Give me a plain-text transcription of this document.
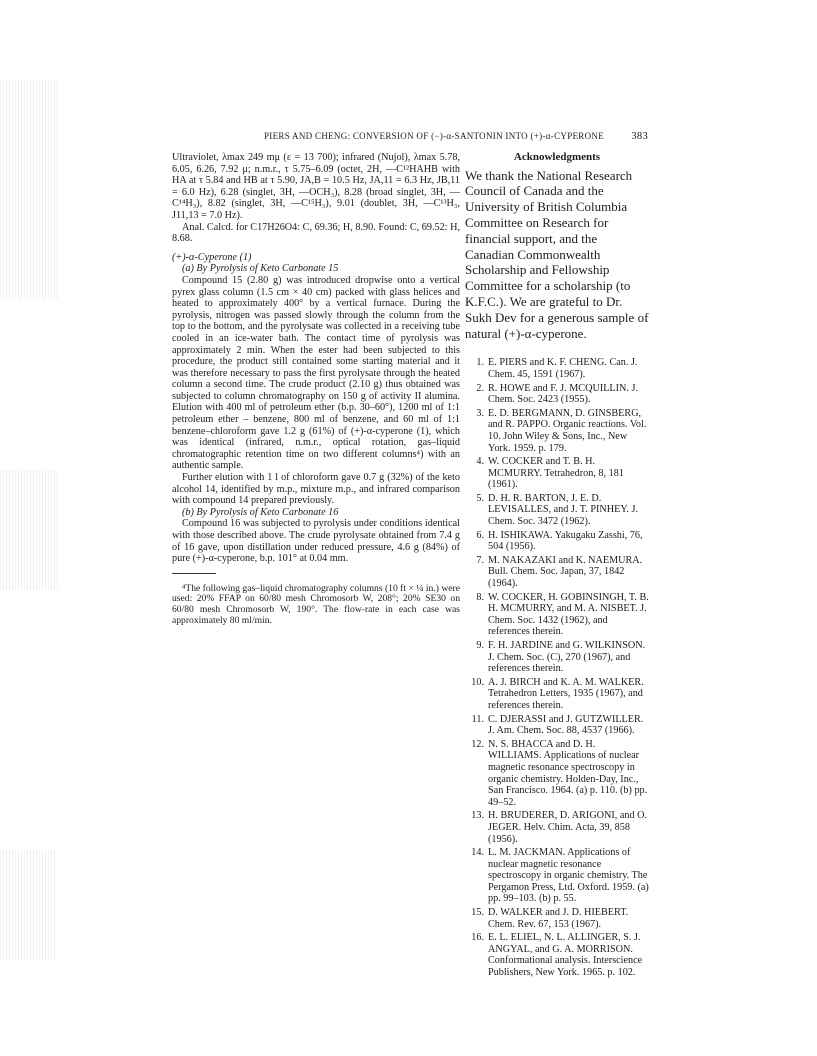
PIERS AND CHENG: CONVERSION OF (−)-α-SANTONIN INTO (+)-α-CYPERONE	383

Ultraviolet, λmax 249 mμ (ε = 13 700); infrared (Nujol), λmax 5.78, 6.05, 6.26, 7.92 μ; n.m.r., τ 5.75–6.09 (octet, 2H, —C¹²HAHB with HA at τ 5.84 and HB at τ 5.90, JA,B = 10.5 Hz, JA,11 = 6.3 Hz, JB,11 = 6.0 Hz), 6.28 (singlet, 3H, —OCH₃), 8.28 (broad singlet, 3H, —C¹⁴H₃), 8.82 (singlet, 3H, —C¹⁵H₃), 9.01 (doublet, 3H, —C¹³H₃, J11,13 = 7.0 Hz).

Anal. Calcd. for C17H26O4: C, 69.36; H, 8.90. Found: C, 69.52: H, 8.68.

(+)-α-Cyperone (1)

(a) By Pyrolysis of Keto Carbonate 15

Compound 15 (2.80 g) was introduced dropwise onto a vertical pyrex glass column (1.5 cm × 40 cm) packed with glass helices and heated to approximately 400° by a vertical furnace. During the pyrolysis, nitrogen was passed slowly through the column from the top to the bottom, and the pyrolysate was collected in a receiving tube cooled in an ice-water bath. The contact time of pyrolysis was approximately 2 min. When the ester had been subjected to this procedure, the product still contained some starting material and it was therefore necessary to pass the first pyrolysate through the heated column a second time. The crude product (2.10 g) thus obtained was subjected to column chromatography on 150 g of activity II alumina. Elution with 400 ml of petroleum ether (b.p. 30–60°), 1200 ml of 1:1 petroleum ether – benzene, 800 ml of benzene, and 60 ml of 1:1 benzene–chloroform gave 1.2 g (61%) of (+)-α-cyperone (1), which was identical (infrared, n.m.r., optical rotation, gas–liquid chromatographic retention time on two different columns⁴) with an authentic sample.

Further elution with 1 l of chloroform gave 0.7 g (32%) of the keto alcohol 14, identified by m.p., mixture m.p., and infrared comparison with compound 14 prepared previously.

(b) By Pyrolysis of Keto Carbonate 16

Compound 16 was subjected to pyrolysis under conditions identical with those described above. The crude pyrolysate obtained from 7.4 g of 16 gave, upon distillation under reduced pressure, 4.6 g (84%) of pure (+)-α-cyperone, b.p. 101° at 0.04 mm.

⁴The following gas–liquid chromatography columns (10 ft × ¼ in.) were used: 20% FFAP on 60/80 mesh Chromosorb W, 208°; 20% SE30 on 60/80 mesh Chromosorb W, 190°. The flow-rate in each case was approximately 80 ml/min.

Acknowledgments

We thank the National Research Council of Canada and the University of British Columbia Committee on Research for financial support, and the Canadian Commonwealth Scholarship and Fellowship Committee for a scholarship (to K.F.C.). We are grateful to Dr. Sukh Dev for a generous sample of natural (+)-α-cyperone.

1. E. PIERS and K. F. CHENG. Can. J. Chem. 45, 1591 (1967).
2. R. HOWE and F. J. MCQUILLIN. J. Chem. Soc. 2423 (1955).
3. E. D. BERGMANN, D. GINSBERG, and R. PAPPO. Organic reactions. Vol. 10. John Wiley & Sons, Inc., New York. 1959. p. 179.
4. W. COCKER and T. B. H. MCMURRY. Tetrahedron, 8, 181 (1961).
5. D. H. R. BARTON, J. E. D. LEVISALLES, and J. T. PINHEY. J. Chem. Soc. 3472 (1962).
6. H. ISHIKAWA. Yakugaku Zasshi, 76, 504 (1956).
7. M. NAKAZAKI and K. NAEMURA. Bull. Chem. Soc. Japan, 37, 1842 (1964).
8. W. COCKER, H. GOBINSINGH, T. B. H. MCMURRY, and M. A. NISBET. J. Chem. Soc. 1432 (1962), and references therein.
9. F. H. JARDINE and G. WILKINSON. J. Chem. Soc. (C), 270 (1967), and references therein.
10. A. J. BIRCH and K. A. M. WALKER. Tetrahedron Letters, 1935 (1967), and references therein.
11. C. DJERASSI and J. GUTZWILLER. J. Am. Chem. Soc. 88, 4537 (1966).
12. N. S. BHACCA and D. H. WILLIAMS. Applications of nuclear magnetic resonance spectroscopy in organic chemistry. Holden-Day, Inc., San Francisco. 1964. (a) p. 110. (b) pp. 49–52.
13. H. BRUDERER, D. ARIGONI, and O. JEGER. Helv. Chim. Acta, 39, 858 (1956).
14. L. M. JACKMAN. Applications of nuclear magnetic resonance spectroscopy in organic chemistry. The Pergamon Press, Ltd. Oxford. 1959. (a) pp. 99–103. (b) p. 55.
15. D. WALKER and J. D. HIEBERT. Chem. Rev. 67, 153 (1967).
16. E. L. ELIEL, N. L. ALLINGER, S. J. ANGYAL, and G. A. MORRISON. Conformational analysis. Interscience Publishers, New York. 1965. p. 102.
